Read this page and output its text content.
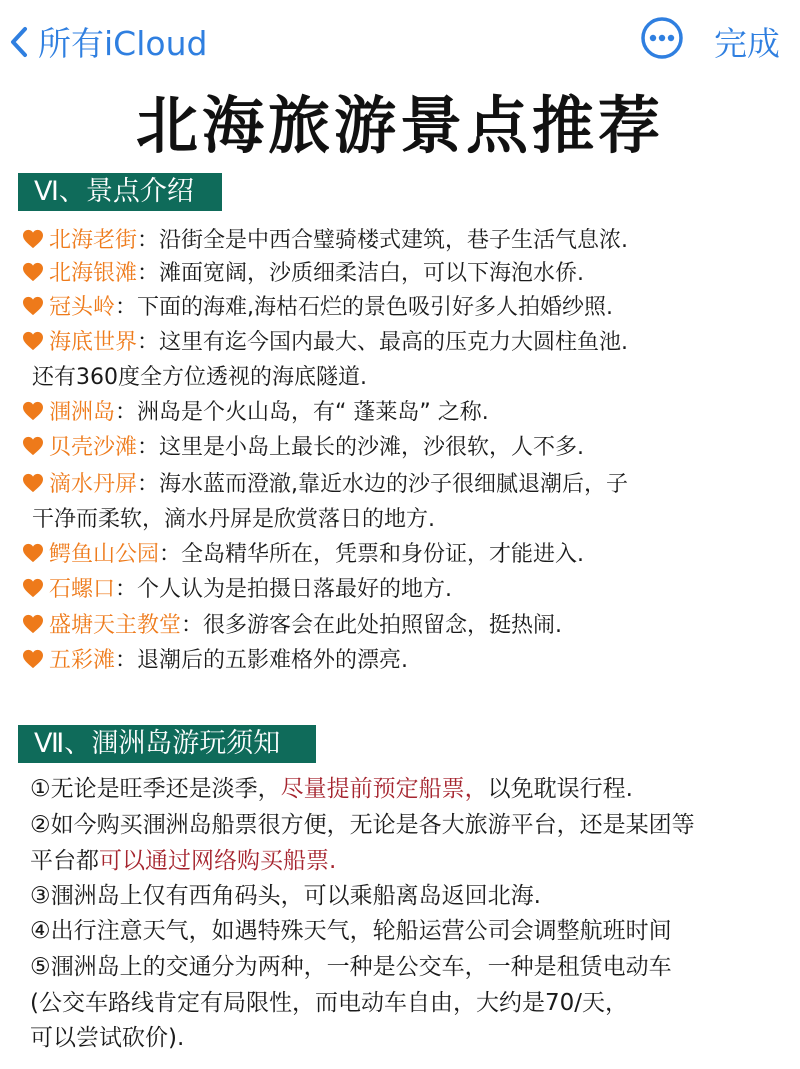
所有iCloud	完成
北海旅游景点推荐
Ⅵ、景点介绍
北海老街：沿街全是中西合璧骑楼式建筑，巷子生活气息浓.
北海银滩：滩面宽阔，沙质细柔洁白，可以下海泡水侨.
冠头岭：下面的海难,海枯石烂的景色吸引好多人拍婚纱照.
海底世界：这里有迄今国内最大、最高的压克力大圆柱鱼池.
还有360度全方位透视的海底隧道.
涠洲岛：洲岛是个火山岛，有“ 蓬莱岛” 之称.
贝壳沙滩：这里是小岛上最长的沙滩，沙很软，人不多.
滴水丹屏：海水蓝而澄澈,靠近水边的沙子很细腻退潮后，子
干净而柔软，滴水丹屏是欣赏落日的地方.
鳄鱼山公园：全岛精华所在，凭票和身份证，才能进入.
石螺口：个人认为是拍摄日落最好的地方.
盛塘天主教堂：很多游客会在此处拍照留念，挺热闹.
五彩滩：退潮后的五影难格外的漂亮.
Ⅶ、涠洲岛游玩须知
①无论是旺季还是淡季，尽量提前预定船票，以免耽误行程.
②如今购买涠洲岛船票很方便，无论是各大旅游平台，还是某团等
平台都可以通过网络购买船票.
③涠洲岛上仅有西角码头，可以乘船离岛返回北海.
④出行注意天气，如遇特殊天气，轮船运营公司会调整航班时间
⑤涠洲岛上的交通分为两种，一种是公交车，一种是租赁电动车
(公交车路线肯定有局限性，而电动车自由，大约是70/天，
可以尝试砍价).
